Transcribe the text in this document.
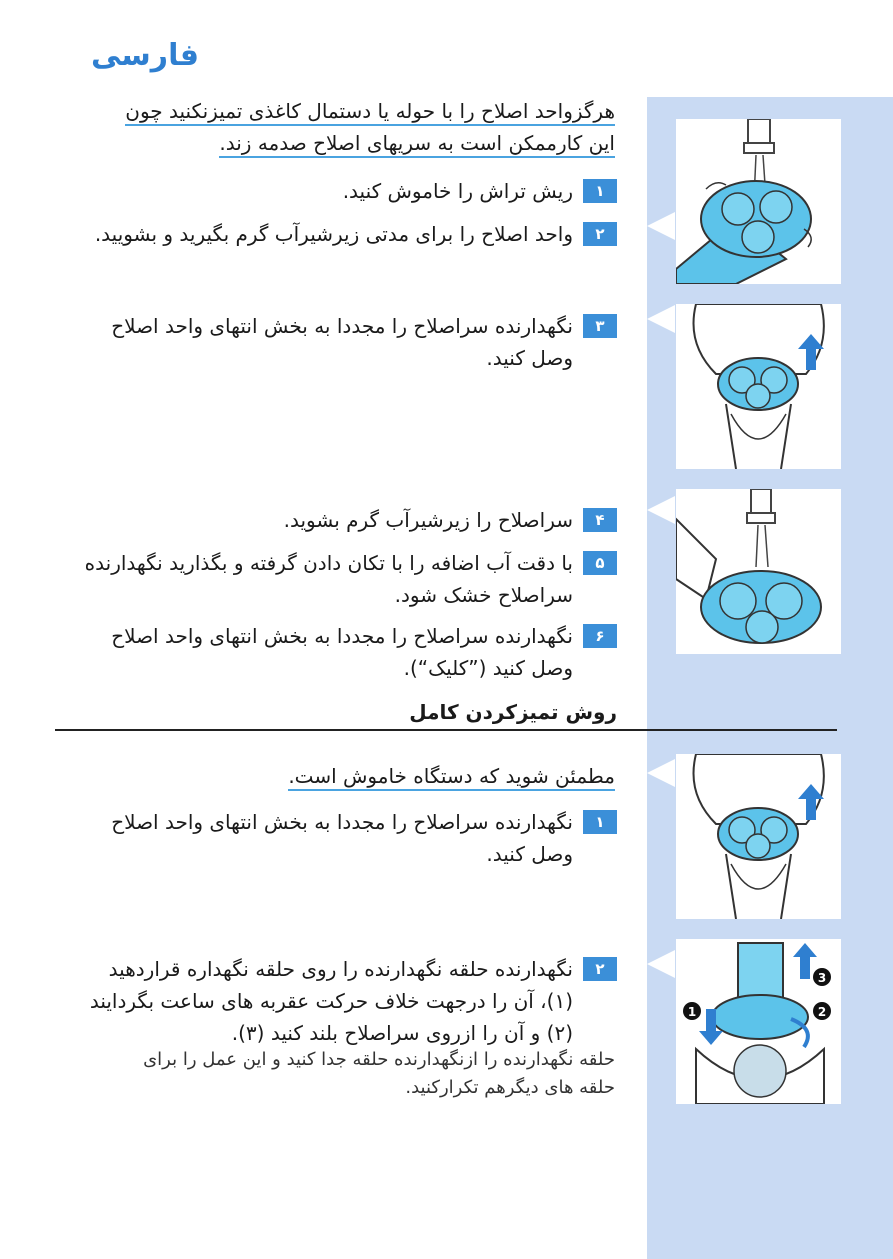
فارسی
هرگزواحد اصلاح را با حوله یا دستمال کاغذی تمیزنکنید چون
این کارممکن است به سریهای اصلاح صدمه زند.
۱
ریش تراش را خاموش کنید.
۲
واحد اصلاح را برای مدتی زیرشیرآب گرم بگیرید و بشویید.
۳
نگهدارنده سراصلاح را مجددا به بخش انتهای واحد اصلاح
وصل کنید.
۴
سراصلاح را زیرشیرآب گرم بشوید.
۵
با دقت آب اضافه را با تکان دادن گرفته و بگذارید نگهدارنده
سراصلاح خشک شود.
۶
نگهدارنده سراصلاح را مجددا به بخش انتهای واحد اصلاح
وصل کنید (”کلیک“).
روش تمیزکردن کامل
مطمئن شوید که دستگاه خاموش است.
۱
نگهدارنده سراصلاح را مجددا به بخش انتهای واحد اصلاح
وصل کنید.
۲
نگهدارنده حلقه نگهدارنده را روی حلقه نگهداره قراردهید
(۱)، آن را درجهت خلاف حرکت عقربه های ساعت بگردایند
(۲) و آن را ازروی سراصلاح بلند کنید (۳).
حلقه نگهدارنده را ازنگهدارنده حلقه جدا کنید و این عمل را برای
حلقه های دیگرهم تکرارکنید.
3
2
1
